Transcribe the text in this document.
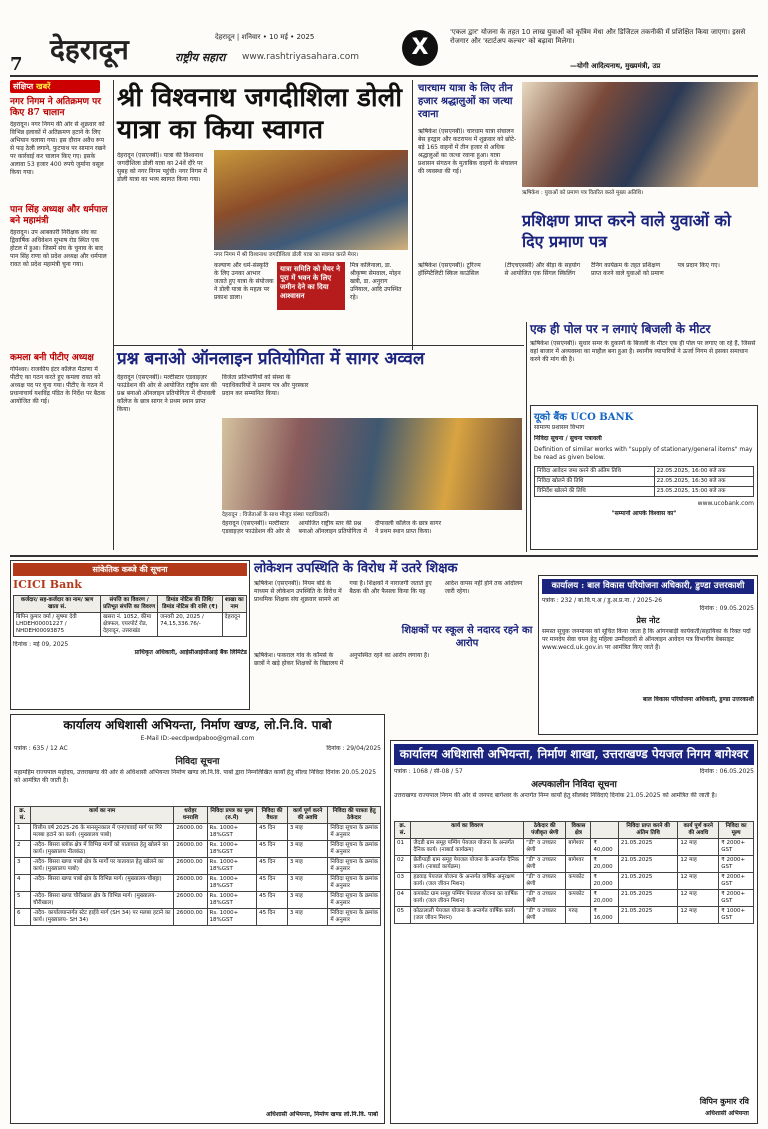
7 देहरादून	देहरादून | शनिवार • 10 मई • 2025
राष्ट्रीय सहारा www.rashtriyasahara.com	X
'एकल द्वार' योजना के तहत 10 लाख युवाओं को कृत्रिम मेधा और डिजिटल तकनीकी में प्रशिक्षित किया जाएगा। इससे रोजगार और 'स्टार्टअप कल्चर' को बढ़ावा मिलेगा।
—योगी आदित्यनाथ, मुख्यमंत्री, उप्र
संक्षिप्त खबरें
नगर निगम ने अतिक्रमण पर किए 87 चालान
देहरादून। नगर निगम की ओर से शुक्रवार को विभिन्न इलाकों में अतिक्रमण हटाने के लिए अभियान चलाया गया। इस दौरान अवैध रूप से फड़ ठेली लगाने, फुटपाथ पर सामान रखने पर कार्रवाई कर चालान किए गए। इसके अलावा 53 हजार 400 रुपये जुर्माना वसूल किया गया।
पान सिंह अध्यक्ष और धर्मपाल बने महामंत्री
देहरादून। उप आबकारी निरीक्षक संघ का द्विवार्षिक अधिवेशन सुभाष रोड स्थित एक होटल में हुआ। जिसमें संघ के चुनाव के बाद पान सिंह राणा को प्रदेश अध्यक्ष और धर्मपाल रावत को प्रदेश महामंत्री चुना गया।
कमला बनी पीटीए अध्यक्ष
गोपेश्वर। राजकीय इंटर कॉलेज मैठाणा में पीटीए का गठन करते हुए कमला रावत को अध्यक्ष पद पर चुना गया। पीटीए के गठन में प्रधानाचार्य यशविंद्र पंडित के निर्देश पर बैठक आयोजित की गई।
श्री विश्वनाथ जगदीशिला डोली यात्रा का किया स्वागत
देहरादून (एसएनबी)। यात्रा की विश्वनाथ जगदीशिला डोली यात्रा का 24वें दौरे पर सुबह को नगर निगम पहुंची। नगर निगम में डोली यात्रा का भव्य स्वागत किया गया।
नगर निगम में श्री विश्वनाथ जगदीशिला डोली यात्रा का स्वागत करते मेयर।
कल्याण और धर्म-संस्कृति के लिए उनका आभार जताते हुए यात्रा के संयोजक ने डोली यात्रा के महत्व पर प्रकाश डाला।
यात्रा समिति को मेयर ने पूरा में भवन के लिए जमीन देने का दिया आश्वासन
मित्र कलिनाला, डा. श्रीकृष्ण सेमवाल, मोहन खत्री, डा. अनुराग उनियाल, आदि उपस्थित रहे।
चारधाम यात्रा के लिए तीन हजार श्रद्धालुओं का जत्था रवाना
ऋषिकेश (एसएनबी)। चारधाम यात्रा संचालन बेस हरद्वार और कटरापथ में शुक्रवार को छोटे-बड़े 165 वाहनों में तीन हजार से अधिक श्रद्धालुओं का जत्था रवाना हुआ। यात्रा प्रशासन संगठन के मुताबिक वाहनों के संचालन की व्यवस्था की गई।
ऋषिकेश : युवाओं को प्रमाण पत्र वितरित करते मुख्य अतिथि।
प्रशिक्षण प्राप्त करने वाले युवाओं को दिए प्रमाण पत्र
ऋषिकेश (एसएनबी)। टूरिज्म हॉस्पिटैलिटी स्किल काउंसिल (टीएचएससी) और बीड़ा के सहयोग से आयोजित एक सिंगल स्किलिंग टैनिंग कार्यक्रम के तहत प्रशिक्षण प्राप्त करने वाले युवाओं को प्रमाण पत्र प्रदान किए गए।
प्रश्न बनाओ ऑनलाइन प्रतियोगिता में सागर अव्वल
देहरादून (एसएनबी)। मल्टीस्टार एडवाइज़र फाउंडेशन की ओर से आयोजित राष्ट्रीय स्तर की प्रश्न बनाओ ऑनलाइन प्रतियोगिता में दीपावली कॉलेज के छात्र सागर ने प्रथम स्थान प्राप्त किया।
विजेता प्रतिभागियों को संस्था के पदाधिकारियों ने प्रमाण पत्र और पुरस्कार प्रदान कर सम्मानित किया।
देहरादून : विजेताओं के साथ मौजूद संस्था पदाधिकारी।
देहरादून (एसएनबी)। मल्टीस्टार एडवाइज़र फाउंडेशन की ओर से आयोजित राष्ट्रीय स्तर की प्रश्न बनाओ ऑनलाइन प्रतियोगिता में दीपावली कॉलेज के छात्र सागर ने प्रथम स्थान प्राप्त किया।
एक ही पोल पर न लगाएं बिजली के मीटर
ऋषिकेश (एसएनबी)। सुधार समर के दुकानों के बिजली के मीटर एक ही पोल पर लगाए जा रहे हैं, जिससे वहां बाजार में अव्यवस्था का माहौल बना हुआ है। स्थानीय व्यापारियों ने ऊर्जा निगम से इसका समाधान करने की मांग की है।
यूको बैंक UCO BANK
सामान्य प्रशासन विभाग
निविदा सूचना / सुचना पत्रावली
Definition of similar works with "supply of stationary/general items" may be read as given below.
निविदा आवेदन जमा करने की अंतिम तिथि	22.05.2025, 16:00 बजे तक
निविदा खोलने की तिथि	22.05.2025, 16:30 बजे तक
विनिर्देश खोलने की तिथि	23.05.2025, 15:00 बजे तक
www.ucobank.com
"सम्मानो आपके विश्वास का"
सांकेतिक कब्जे की सूचना
ICICI Bank
कर्जदार/ सह-कर्जदार का नाम/ ऋण खाता सं.	संपत्ति का विवरण / प्रतिभूत संपत्ति का विवरण	डिमांड नोटिस की तिथि/ डिमांड नोटिस की राशि (₹)	शाखा का नाम
बिपिन कुमार वर्मा / सुषमा देवी LHDEH00001227 / NHDEH00093875	खसरा नं. 1052, कीमा क्षेत्रफल, एयरपोर्ट रोड, देहरादून, उत्तराखंड	जनवरी 20, 2025 / 74,15,336.76/-	देहरादून
दिनांक : मई 09, 2025
प्राधिकृत अधिकारी, आईसीआईसीआई बैंक लिमिटेड
लोकेशन उपस्थिति के विरोध में उतरे शिक्षक
ऋषिकेश (एसएनबी)। नियम बोर्ड के माध्यम से लोकेशन उपस्थिति के विरोध में प्राथमिक शिक्षक संघ शुक्रवार सामने आ गया है। शिक्षकों ने नाराजगी जताते हुए बैठक की और फैसला किया कि यह आदेश वापस नहीं होने तक आंदोलन जारी रहेगा।
शिक्षकों पर स्कूल से नदारद रहने का आरोप
ऋषिकेश। फकराल गांव के कॉमर्स के छात्रों ने खड़े होकर शिक्षकों के विद्यालय में अनुपस्थित रहने का आरोप लगाया है।
कार्यालय : बाल विकास परियोजना अधिकारी, डुण्डा उत्तरकाशी
पत्रांक : 232 / बा.वि.प.अ / डु.अ.प्र.ना. / 2025-26
दिनांक : 09.05.2025
प्रेस नोट
समस्त सूचुक जनमानस को सूचित किया जाता है कि आंगनबाड़ी कार्यकर्ती/सहायिका के रिक्त पदों पर मानदेय सेवा चयन हेतु महिला उम्मीदवारों से ऑनलाइन आवेदन पत्र विभागीय वेबसाइट www.wecd.uk.gov.in पर आमंत्रित किए जाते हैं।
बाल विकास परियोजना अधिकारी, डुण्डा उत्तरकाशी
कार्यालय अधिशासी अभियन्ता, निर्माण खण्ड, लो.नि.वि. पाबो
E-Mail ID:-eecdpwdpaboo@gmail.com
पत्रांक : 635 / 12 AC	दिनांक : 29/04/2025
निविदा सूचना
महामहिम राज्यपाल महोदय, उत्तराखण्ड की ओर से अधिशासी अभियन्ता निर्माण खण्ड लो.नि.वि. पाबो द्वारा निम्नलिखित कार्यों हेतु सील्ड निविदा दिनांक 20.05.2025 को आमंत्रित की जाती है।
क्र. सं.	कार्य का नाम	धरोहर धनराशि	निविदा प्रपत्र का मूल्य (रु.में)	निविदा की वैधता	कार्य पूर्ण करने की अवधि	निविदा की पात्रता हेतु ठेकेदार
1	वित्तीय वर्ष 2025-26 के मानसूनकाल में एनएचवाई मार्ग पर गिरे मलबा हटाने का कार्य। (मुख्यालय पाबो)	26000.00	Rs. 1000+ 18%GST	45 दिन	3 माह	निविदा सूचना के क्रमांक में अनुसार
2	-तदैव- बिसरा ब्लॉक क्षेत्र में विभिन्न मार्गों को यातायात हेतु खोलने का कार्य। (मुख्यालय नीलकंठ)	26000.00	Rs. 1000+ 18%GST	45 दिन	3 माह	निविदा सूचना के क्रमांक में अनुसार
3	-तदैव- बिसरा खण्ड पाबो क्षेत्र के मार्गों पर यातायात हेतु खोलने का कार्य। (मुख्यालय पाबो)	26000.00	Rs. 1000+ 18%GST	45 दिन	3 माह	निविदा सूचना के क्रमांक में अनुसार
4	-तदैव- बिसरा खण्ड पाबो क्षेत्र के विभिन्न मार्ग। (मुख्यालय-चौबट्टा)	26000.00	Rs. 1000+ 18%GST	45 दिन	3 माह	निविदा सूचना के क्रमांक में अनुसार
5	-तदैव- बिसरा खण्ड चौरीखाल क्षेत्र के विभिन्न मार्ग। (मुख्यालय-चौरीखाल)	26000.00	Rs. 1000+ 18%GST	45 दिन	3 माह	निविदा सूचना के क्रमांक में अनुसार
6	-तदैव- कार्यालयान्तर्गत स्टेट हाईवे मार्ग (SH 34) पर मलबा हटाने का कार्य। (मुख्यालय- SH 34)	26000.00	Rs. 1000+ 18%GST	45 दिन	3 माह	निविदा सूचना के क्रमांक में अनुसार
अधिशासी अभियन्ता, निर्माण खण्ड लो.नि.वि. पाबो
कार्यालय अधिशासी अभियन्ता, निर्माण शाखा, उत्तराखण्ड पेयजल निगम बागेश्वर
पत्रांक : 1068 / सी-08 / 57	दिनांक : 06.05.2025
अल्पकालीन निविदा सूचना
उत्तराखण्ड राज्यपाल निगम की ओर से जनपद बागेश्वर के अन्तर्गत निम्न कार्यों हेतु सीलबंद निविदाएं दिनांक 21.05.2025 को आमंत्रित की जाती है।
क्र. सं.	कार्य का विवरण	ठेकेदार की पंजीकृत श्रेणी	विकास क्षेत्र		निविदा प्राप्त करने की अंतिम तिथि	कार्य पूर्ण करने की अवधि	निविदा का मूल्य
01	जैदडी ग्राम समूह पम्पिंग पेयजल योजना के अन्तर्गत दैनिक कार्य। (नाबार्ड कार्यक्रम)	"डी" व उच्चतर श्रेणी	बागेश्वर	₹ 40,000	21.05.2025	12 माह	₹ 2000+ GST
02	छेतीपाड़ी ग्राम समूह पेयजल योजना के अन्तर्गत दैनिक कार्य। (नाबार्ड कार्यक्रम)	"डी" व उच्चतर श्रेणी	बागेश्वर	₹ 20,000	21.05.2025	12 माह	₹ 2000+ GST
03	हडवाड़ पेयजल योजना के अन्तर्गत वार्षिक अनुरक्षण कार्य। (जल जीवन मिशन)	"डी" व उच्चतर श्रेणी	कपकोट	₹ 20,000	21.05.2025	12 माह	₹ 2000+ GST
04	कपकोट ग्राम समूह पम्पिंग पेयजल योजना का वार्षिक कार्य। (जल जीवन मिशन)	"डी" व उच्चतर श्रेणी	कपकोट	₹ 20,000	21.05.2025	12 माह	₹ 2000+ GST
05	कोठालाली पेयजल योजना के अन्तर्गत वार्षिक कार्य। (जल जीवन मिशन)	"डी" व उच्चतर श्रेणी	गरुड़	₹ 16,000	21.05.2025	12 माह	₹ 1000+ GST
विपिन कुमार रवि
अधिशासी अभियन्ता
